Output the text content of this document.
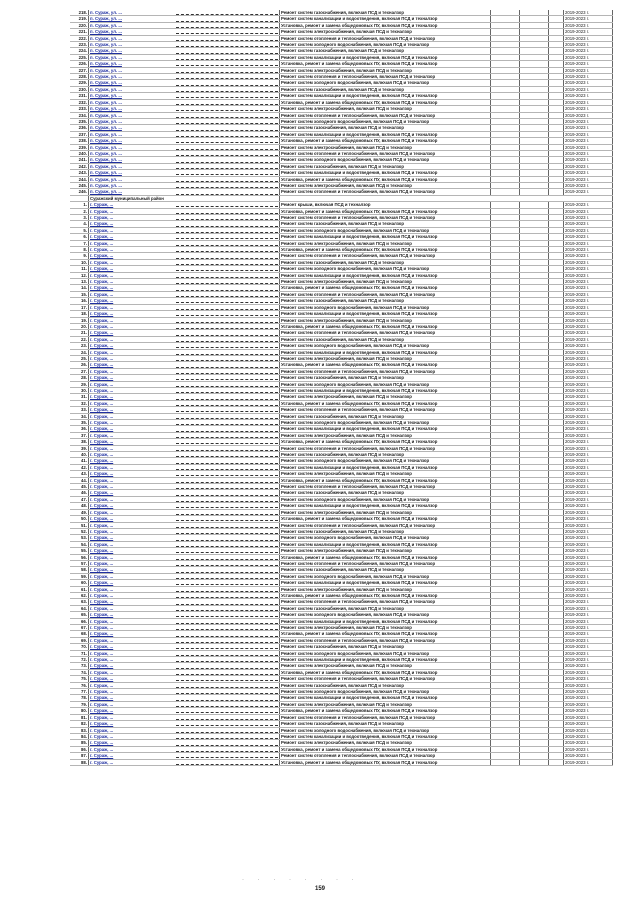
218.	п. Сураж, ул. ...		Ремонт систем газоснабжения, включая ПСД и техналзор				2019-2023 г.
219.	п. Сураж, ул. ...		Ремонт систем канализации и водоотведения, включая ПСД и техналзор				2019-2023 г.
220.	п. Сураж, ул. ...		Установка, ремонт и замена общедомовых ПУ, включая ПСД и техналзор				2019-2023 г.
221.	п. Сураж, ул. ...		Ремонт систем электроснабжения, включая ПСД и техналзор				2019-2023 г.
222.	п. Сураж, ул. ...		Ремонт систем отопления и теплоснабжения, включая ПСД и техналзор				2019-2023 г.
223.	п. Сураж, ул. ...		Ремонт систем холодного водоснабжения, включая ПСД и техналзор				2019-2023 г.
224.	п. Сураж, ул. ...		Ремонт систем газоснабжения, включая ПСД и техналзор				2019-2023 г.
225.	п. Сураж, ул. ...		Ремонт систем канализации и водоотведения, включая ПСД и техналзор				2019-2023 г.
226.	п. Сураж, ул. ...		Установка, ремонт и замена общедомовых ПУ, включая ПСД и техналзор				2019-2023 г.
227.	п. Сураж, ул. ...		Ремонт систем электроснабжения, включая ПСД и техналзор				2019-2023 г.
228.	п. Сураж, ул. ...		Ремонт систем отопления и теплоснабжения, включая ПСД и техналзор				2019-2023 г.
229.	п. Сураж, ул. ...		Ремонт систем холодного водоснабжения, включая ПСД и техналзор				2019-2023 г.
230.	п. Сураж, ул. ...		Ремонт систем газоснабжения, включая ПСД и техналзор				2019-2023 г.
231.	п. Сураж, ул. ...		Ремонт систем канализации и водоотведения, включая ПСД и техналзор				2019-2023 г.
232.	п. Сураж, ул. ...		Установка, ремонт и замена общедомовых ПУ, включая ПСД и техналзор				2019-2023 г.
233.	п. Сураж, ул. ...		Ремонт систем электроснабжения, включая ПСД и техналзор				2019-2023 г.
234.	п. Сураж, ул. ...		Ремонт систем отопления и теплоснабжения, включая ПСД и техналзор				2019-2023 г.
235.	п. Сураж, ул. ...		Ремонт систем холодного водоснабжения, включая ПСД и техналзор				2019-2023 г.
236.	п. Сураж, ул. ...		Ремонт систем газоснабжения, включая ПСД и техналзор				2019-2023 г.
237.	п. Сураж, ул. ...		Ремонт систем канализации и водоотведения, включая ПСД и техналзор				2019-2023 г.
238.	п. Сураж, ул. ...		Установка, ремонт и замена общедомовых ПУ, включая ПСД и техналзор				2019-2023 г.
239.	п. Сураж, ул. ...		Ремонт систем электроснабжения, включая ПСД и техналзор				2019-2023 г.
240.	п. Сураж, ул. ...		Ремонт систем отопления и теплоснабжения, включая ПСД и техналзор				2019-2023 г.
241.	п. Сураж, ул. ...		Ремонт систем холодного водоснабжения, включая ПСД и техналзор				2019-2023 г.
242.	п. Сураж, ул. ...		Ремонт систем газоснабжения, включая ПСД и техналзор				2019-2023 г.
243.	п. Сураж, ул. ...		Ремонт систем канализации и водоотведения, включая ПСД и техналзор				2019-2023 г.
244.	п. Сураж, ул. ...		Установка, ремонт и замена общедомовых ПУ, включая ПСД и техналзор				2019-2023 г.
245.	п. Сураж, ул. ...		Ремонт систем электроснабжения, включая ПСД и техналзор				2019-2023 г.
246.	п. Сураж, ул. ...		Ремонт систем отопления и теплоснабжения, включая ПСД и техналзор				2019-2023 г.
	Суражский муниципальный район						
1.	г. Сураж, ...		Ремонт крыши, включая ПСД и техналзор				2019-2023 г.
2.	г. Сураж, ...		Установка, ремонт и замена общедомовых ПУ, включая ПСД и техналзор				2019-2023 г.
3.	г. Сураж, ...		Ремонт систем отопления и теплоснабжения, включая ПСД и техналзор				2019-2023 г.
4.	г. Сураж, ...		Ремонт систем газоснабжения, включая ПСД и техналзор				2019-2023 г.
5.	г. Сураж, ...		Ремонт систем холодного водоснабжения, включая ПСД и техналзор				2019-2023 г.
6.	г. Сураж, ...		Ремонт систем канализации и водоотведения, включая ПСД и техналзор				2019-2023 г.
7.	г. Сураж, ...		Ремонт систем электроснабжения, включая ПСД и техналзор				2019-2023 г.
8.	г. Сураж, ...		Установка, ремонт и замена общедомовых ПУ, включая ПСД и техналзор				2019-2023 г.
9.	г. Сураж, ...		Ремонт систем отопления и теплоснабжения, включая ПСД и техналзор				2019-2023 г.
10.	г. Сураж, ...		Ремонт систем газоснабжения, включая ПСД и техналзор				2019-2023 г.
11.	г. Сураж, ...		Ремонт систем холодного водоснабжения, включая ПСД и техналзор				2019-2023 г.
12.	г. Сураж, ...		Ремонт систем канализации и водоотведения, включая ПСД и техналзор				2019-2023 г.
13.	г. Сураж, ...		Ремонт систем электроснабжения, включая ПСД и техналзор				2019-2023 г.
14.	г. Сураж, ...		Установка, ремонт и замена общедомовых ПУ, включая ПСД и техналзор				2019-2023 г.
15.	г. Сураж, ...		Ремонт систем отопления и теплоснабжения, включая ПСД и техналзор				2019-2023 г.
16.	г. Сураж, ...		Ремонт систем газоснабжения, включая ПСД и техналзор				2019-2023 г.
17.	г. Сураж, ...		Ремонт систем холодного водоснабжения, включая ПСД и техналзор				2019-2023 г.
18.	г. Сураж, ...		Ремонт систем канализации и водоотведения, включая ПСД и техналзор				2019-2023 г.
19.	г. Сураж, ...		Ремонт систем электроснабжения, включая ПСД и техналзор				2019-2023 г.
20.	г. Сураж, ...		Установка, ремонт и замена общедомовых ПУ, включая ПСД и техналзор				2019-2023 г.
21.	г. Сураж, ...		Ремонт систем отопления и теплоснабжения, включая ПСД и техналзор				2019-2023 г.
22.	г. Сураж, ...		Ремонт систем газоснабжения, включая ПСД и техналзор				2019-2023 г.
23.	г. Сураж, ...		Ремонт систем холодного водоснабжения, включая ПСД и техналзор				2019-2023 г.
24.	г. Сураж, ...		Ремонт систем канализации и водоотведения, включая ПСД и техналзор				2019-2023 г.
25.	г. Сураж, ...		Ремонт систем электроснабжения, включая ПСД и техналзор				2019-2023 г.
26.	г. Сураж, ...		Установка, ремонт и замена общедомовых ПУ, включая ПСД и техналзор				2019-2023 г.
27.	г. Сураж, ...		Ремонт систем отопления и теплоснабжения, включая ПСД и техналзор				2019-2023 г.
28.	г. Сураж, ...		Ремонт систем газоснабжения, включая ПСД и техналзор				2019-2023 г.
29.	г. Сураж, ...		Ремонт систем холодного водоснабжения, включая ПСД и техналзор				2019-2023 г.
30.	г. Сураж, ...		Ремонт систем канализации и водоотведения, включая ПСД и техналзор				2019-2023 г.
31.	г. Сураж, ...		Ремонт систем электроснабжения, включая ПСД и техналзор				2019-2023 г.
32.	г. Сураж, ...		Установка, ремонт и замена общедомовых ПУ, включая ПСД и техналзор				2019-2023 г.
33.	г. Сураж, ...		Ремонт систем отопления и теплоснабжения, включая ПСД и техналзор				2019-2023 г.
34.	г. Сураж, ...		Ремонт систем газоснабжения, включая ПСД и техналзор				2019-2023 г.
35.	г. Сураж, ...		Ремонт систем холодного водоснабжения, включая ПСД и техналзор				2019-2023 г.
36.	г. Сураж, ...		Ремонт систем канализации и водоотведения, включая ПСД и техналзор				2019-2023 г.
37.	г. Сураж, ...		Ремонт систем электроснабжения, включая ПСД и техналзор				2019-2023 г.
38.	г. Сураж, ...		Установка, ремонт и замена общедомовых ПУ, включая ПСД и техналзор				2019-2023 г.
39.	г. Сураж, ...		Ремонт систем отопления и теплоснабжения, включая ПСД и техналзор				2019-2023 г.
40.	г. Сураж, ...		Ремонт систем газоснабжения, включая ПСД и техналзор				2019-2023 г.
41.	г. Сураж, ...		Ремонт систем холодного водоснабжения, включая ПСД и техналзор				2019-2023 г.
42.	г. Сураж, ...		Ремонт систем канализации и водоотведения, включая ПСД и техналзор				2019-2023 г.
43.	г. Сураж, ...		Ремонт систем электроснабжения, включая ПСД и техналзор				2019-2023 г.
44.	г. Сураж, ...		Установка, ремонт и замена общедомовых ПУ, включая ПСД и техналзор				2019-2023 г.
45.	г. Сураж, ...		Ремонт систем отопления и теплоснабжения, включая ПСД и техналзор				2019-2023 г.
46.	г. Сураж, ...		Ремонт систем газоснабжения, включая ПСД и техналзор				2019-2023 г.
47.	г. Сураж, ...		Ремонт систем холодного водоснабжения, включая ПСД и техналзор				2019-2023 г.
48.	г. Сураж, ...		Ремонт систем канализации и водоотведения, включая ПСД и техналзор				2019-2023 г.
49.	г. Сураж, ...		Ремонт систем электроснабжения, включая ПСД и техналзор				2019-2023 г.
50.	г. Сураж, ...		Установка, ремонт и замена общедомовых ПУ, включая ПСД и техналзор				2019-2023 г.
51.	г. Сураж, ...		Ремонт систем отопления и теплоснабжения, включая ПСД и техналзор				2019-2023 г.
52.	г. Сураж, ...		Ремонт систем газоснабжения, включая ПСД и техналзор				2019-2023 г.
53.	г. Сураж, ...		Ремонт систем холодного водоснабжения, включая ПСД и техналзор				2019-2023 г.
54.	г. Сураж, ...		Ремонт систем канализации и водоотведения, включая ПСД и техналзор				2019-2023 г.
55.	г. Сураж, ...		Ремонт систем электроснабжения, включая ПСД и техналзор				2019-2023 г.
56.	г. Сураж, ...		Установка, ремонт и замена общедомовых ПУ, включая ПСД и техналзор				2019-2023 г.
57.	г. Сураж, ...		Ремонт систем отопления и теплоснабжения, включая ПСД и техналзор				2019-2023 г.
58.	г. Сураж, ...		Ремонт систем газоснабжения, включая ПСД и техналзор				2019-2023 г.
59.	г. Сураж, ...		Ремонт систем холодного водоснабжения, включая ПСД и техналзор				2019-2023 г.
60.	г. Сураж, ...		Ремонт систем канализации и водоотведения, включая ПСД и техналзор				2019-2023 г.
61.	г. Сураж, ...		Ремонт систем электроснабжения, включая ПСД и техналзор				2019-2023 г.
62.	г. Сураж, ...		Установка, ремонт и замена общедомовых ПУ, включая ПСД и техналзор				2019-2023 г.
63.	г. Сураж, ...		Ремонт систем отопления и теплоснабжения, включая ПСД и техналзор				2019-2023 г.
64.	г. Сураж, ...		Ремонт систем газоснабжения, включая ПСД и техналзор				2019-2023 г.
65.	г. Сураж, ...		Ремонт систем холодного водоснабжения, включая ПСД и техналзор				2019-2023 г.
66.	г. Сураж, ...		Ремонт систем канализации и водоотведения, включая ПСД и техналзор				2019-2023 г.
67.	г. Сураж, ...		Ремонт систем электроснабжения, включая ПСД и техналзор				2019-2023 г.
68.	г. Сураж, ...		Установка, ремонт и замена общедомовых ПУ, включая ПСД и техналзор				2019-2023 г.
69.	г. Сураж, ...		Ремонт систем отопления и теплоснабжения, включая ПСД и техналзор				2019-2023 г.
70.	г. Сураж, ...		Ремонт систем газоснабжения, включая ПСД и техналзор				2019-2023 г.
71.	г. Сураж, ...		Ремонт систем холодного водоснабжения, включая ПСД и техналзор				2019-2023 г.
72.	г. Сураж, ...		Ремонт систем канализации и водоотведения, включая ПСД и техналзор				2019-2023 г.
73.	г. Сураж, ...		Ремонт систем электроснабжения, включая ПСД и техналзор				2019-2023 г.
74.	г. Сураж, ...		Установка, ремонт и замена общедомовых ПУ, включая ПСД и техналзор				2019-2023 г.
75.	г. Сураж, ...		Ремонт систем отопления и теплоснабжения, включая ПСД и техналзор				2019-2023 г.
76.	г. Сураж, ...		Ремонт систем газоснабжения, включая ПСД и техналзор				2019-2023 г.
77.	г. Сураж, ...		Ремонт систем холодного водоснабжения, включая ПСД и техналзор				2019-2023 г.
78.	г. Сураж, ...		Ремонт систем канализации и водоотведения, включая ПСД и техналзор				2019-2023 г.
79.	г. Сураж, ...		Ремонт систем электроснабжения, включая ПСД и техналзор				2019-2023 г.
80.	г. Сураж, ...		Установка, ремонт и замена общедомовых ПУ, включая ПСД и техналзор				2019-2023 г.
81.	г. Сураж, ...		Ремонт систем отопления и теплоснабжения, включая ПСД и техналзор				2019-2023 г.
82.	г. Сураж, ...		Ремонт систем газоснабжения, включая ПСД и техналзор				2019-2023 г.
83.	г. Сураж, ...		Ремонт систем холодного водоснабжения, включая ПСД и техналзор				2019-2023 г.
84.	г. Сураж, ...		Ремонт систем канализации и водоотведения, включая ПСД и техналзор				2019-2023 г.
85.	г. Сураж, ...		Ремонт систем электроснабжения, включая ПСД и техналзор				2019-2023 г.
86.	г. Сураж, ...		Установка, ремонт и замена общедомовых ПУ, включая ПСД и техналзор				2019-2023 г.
87.	г. Сураж, ...		Ремонт систем отопления и теплоснабжения, включая ПСД и техналзор				2019-2023 г.
88.	г. Сураж, ...		Установка, ремонт и замена общедомовых ПУ, включая ПСД и техналзор				2019-2023 г.
· · · · · · · ·
159
